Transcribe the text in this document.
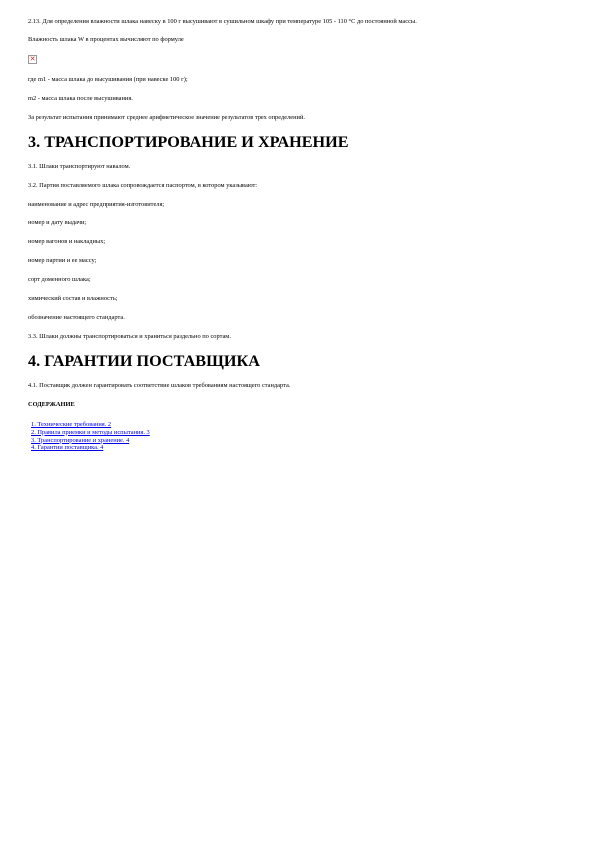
2.13. Для определения влажности шлака навеску в 100 г высушивают в сушильном шкафу при температуре 105 - 110 °С до постоянной массы.

Влажность шлака W в процентах вычисляют по формуле

✕

где m1 - масса шлака до высушивания (при навеске 100 г);

m2 - масса шлака после высушивания.

За результат испытания принимают среднее арифметическое значение результатов трех определений.

3. ТРАНСПОРТИРОВАНИЕ И ХРАНЕНИЕ

3.1. Шлаки транспортируют навалом.

3.2. Партия поставляемого шлака сопровождается паспортом, в котором указывают:

наименование и адрес предприятия-изготовителя;

номер и дату выдачи;

номер вагонов и накладных;

номер партии и ее массу;

сорт доменного шлака;

химический состав и влажность;

обозначение настоящего стандарта.

3.3. Шлаки должны транспортироваться и храниться раздельно по сортам.

4. ГАРАНТИИ ПОСТАВЩИКА

4.1. Поставщик должен гарантировать соответствие шлаков требованиям настоящего стандарта.

СОДЕРЖАНИЕ

1. Технические требования. 2
2. Правила приемки и методы испытания. 3
3. Транспортирование и хранение. 4
4. Гарантии поставщика. 4
